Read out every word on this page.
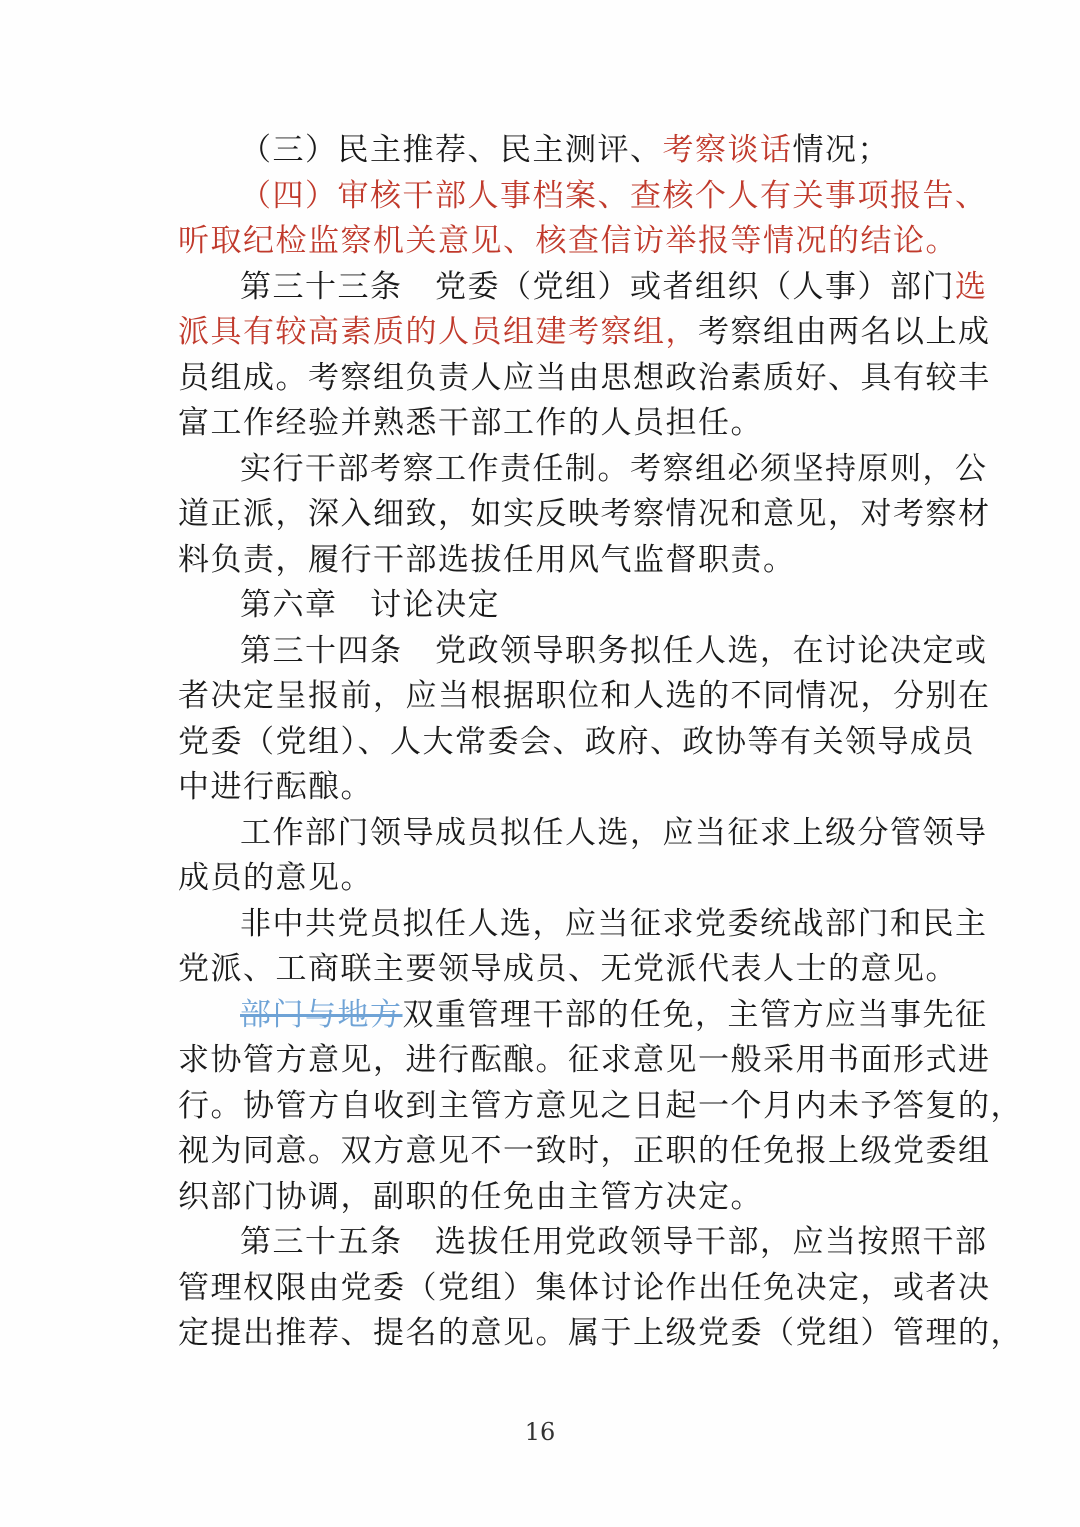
（三）民主推荐、民主测评、考察谈话情况；
（四）审核干部人事档案、查核个人有关事项报告、
听取纪检监察机关意见、核查信访举报等情况的结论。
第三十三条　党委（党组）或者组织（人事）部门选
派具有较高素质的人员组建考察组，考察组由两名以上成
员组成。考察组负责人应当由思想政治素质好、具有较丰
富工作经验并熟悉干部工作的人员担任。
实行干部考察工作责任制。考察组必须坚持原则，公
道正派，深入细致，如实反映考察情况和意见，对考察材
料负责，履行干部选拔任用风气监督职责。
第六章　讨论决定
第三十四条　党政领导职务拟任人选，在讨论决定或
者决定呈报前，应当根据职位和人选的不同情况，分别在
党委（党组）、人大常委会、政府、政协等有关领导成员
中进行酝酿。
工作部门领导成员拟任人选，应当征求上级分管领导
成员的意见。
非中共党员拟任人选，应当征求党委统战部门和民主
党派、工商联主要领导成员、无党派代表人士的意见。
部门与地方双重管理干部的任免，主管方应当事先征
求协管方意见，进行酝酿。征求意见一般采用书面形式进
行。协管方自收到主管方意见之日起一个月内未予答复的，
视为同意。双方意见不一致时，正职的任免报上级党委组
织部门协调，副职的任免由主管方决定。
第三十五条　选拔任用党政领导干部，应当按照干部
管理权限由党委（党组）集体讨论作出任免决定，或者决
定提出推荐、提名的意见。属于上级党委（党组）管理的，
16
